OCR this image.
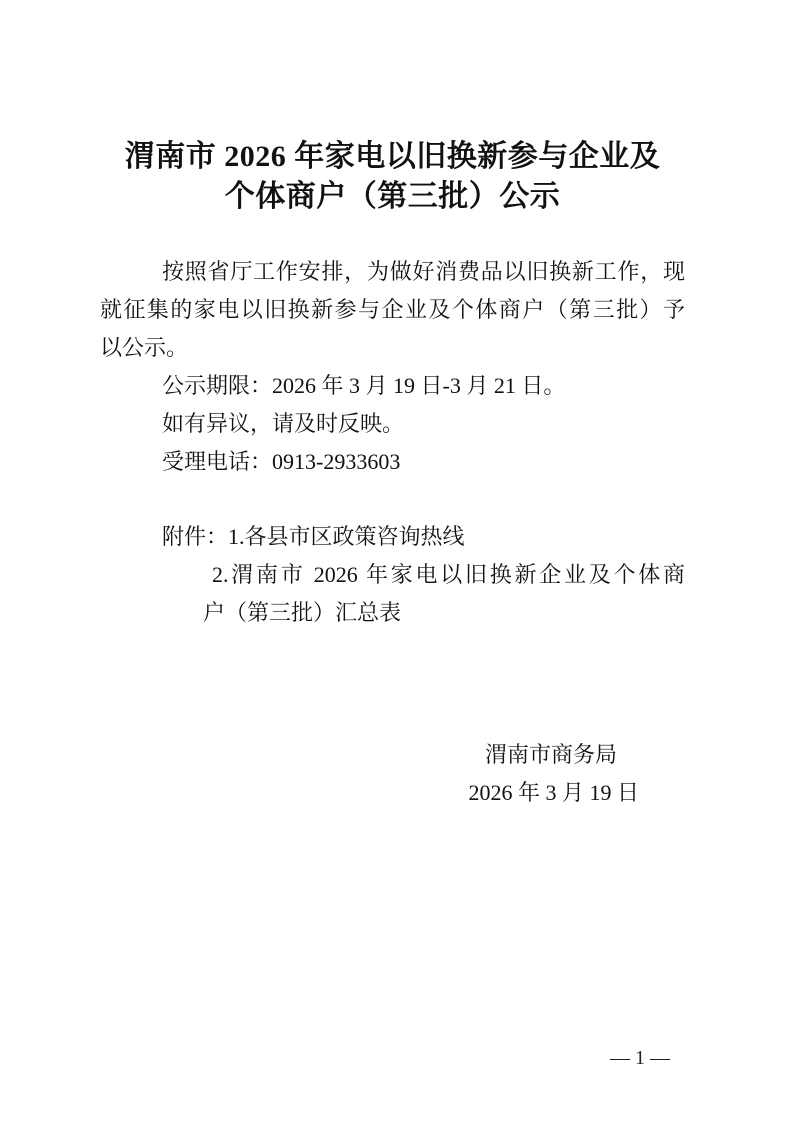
渭南市 2026 年家电以旧换新参与企业及
个体商户（第三批）公示
按照省厅工作安排，为做好消费品以旧换新工作，现
就征集的家电以旧换新参与企业及个体商户（第三批）予
以公示。
公示期限：2026 年 3 月 19 日-3 月 21 日。
如有异议，请及时反映。
受理电话：0913-2933603
附件：1.各县市区政策咨询热线
2.渭南市 2026 年家电以旧换新企业及个体商
户（第三批）汇总表
渭南市商务局
2026 年 3 月 19 日
— 1 —
